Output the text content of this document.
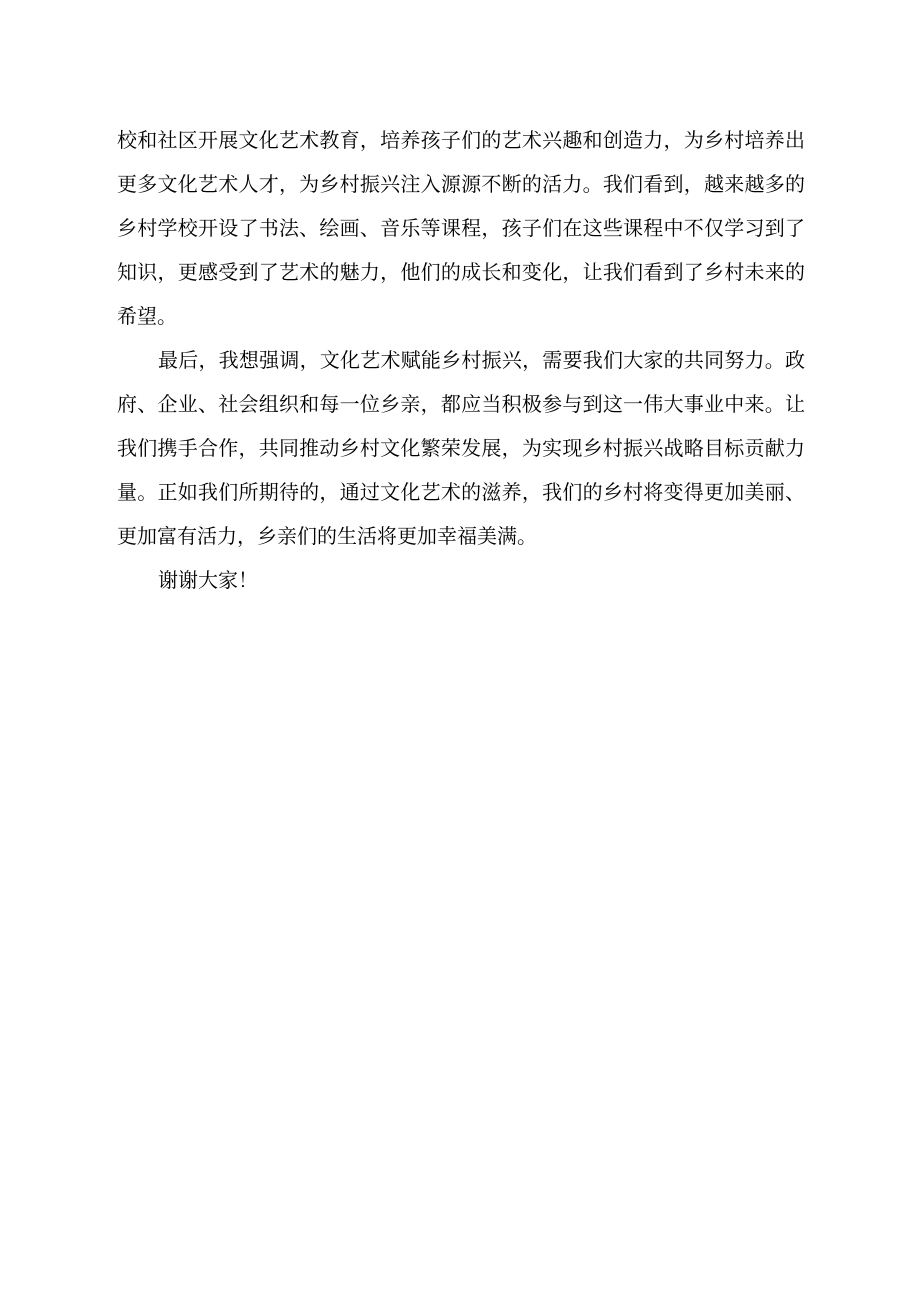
校和社区开展文化艺术教育，培养孩子们的艺术兴趣和创造力，为乡村培养出
更多文化艺术人才，为乡村振兴注入源源不断的活力。我们看到，越来越多的
乡村学校开设了书法、绘画、音乐等课程，孩子们在这些课程中不仅学习到了
知识，更感受到了艺术的魅力，他们的成长和变化，让我们看到了乡村未来的
希望。
最后，我想强调，文化艺术赋能乡村振兴，需要我们大家的共同努力。政
府、企业、社会组织和每一位乡亲，都应当积极参与到这一伟大事业中来。让
我们携手合作，共同推动乡村文化繁荣发展，为实现乡村振兴战略目标贡献力
量。正如我们所期待的，通过文化艺术的滋养，我们的乡村将变得更加美丽、
更加富有活力，乡亲们的生活将更加幸福美满。
谢谢大家！
